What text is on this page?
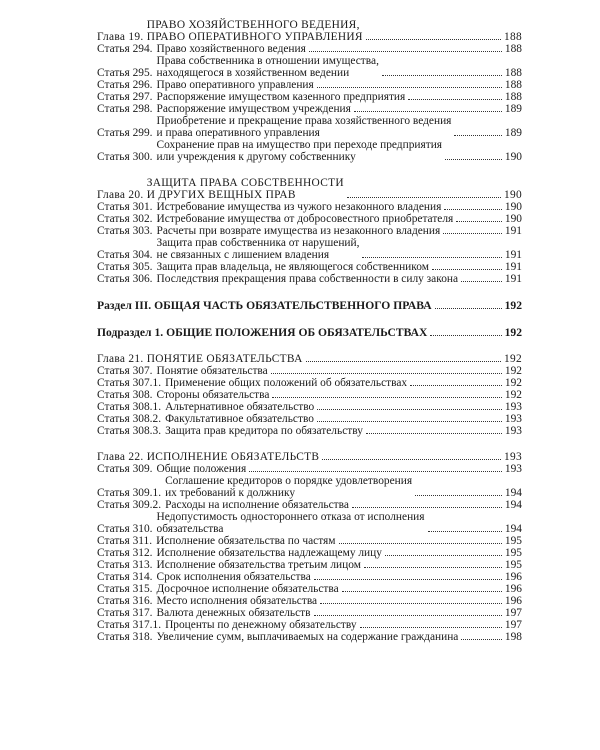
Глава 19.

ПРАВО ХОЗЯЙСТВЕННОГО ВЕДЕНИЯ,
ПРАВО ОПЕРАТИВНОГО УПРАВЛЕНИЯ	188
Статья 294. Право хозяйственного ведения	188
Статья 295.
Права собственника в отношении имущества,
находящегося в хозяйственном ведении	188
Статья 296. Право оперативного управления	188
Статья 297. Распоряжение имуществом казенного предприятия	188
Статья 298. Распоряжение имуществом учреждения	189
Статья 299.
Приобретение и прекращение права хозяйственного ведения
и права оперативного управления	189
Статья 300.
Сохранение прав на имущество при переходе предприятия
или учреждения к другому собственнику	190
Глава 20.

ЗАЩИТА ПРАВА СОБСТВЕННОСТИ
И ДРУГИХ ВЕЩНЫХ ПРАВ	190
Статья 301. Истребование имущества из чужого незаконного владения	190
Статья 302. Истребование имущества от добросовестного приобретателя	190
Статья 303. Расчеты при возврате имущества из незаконного владения	191
Статья 304.
Защита прав собственника от нарушений,
не связанных с лишением владения	191
Статья 305. Защита прав владельца, не являющегося собственником	191
Статья 306. Последствия прекращения права собственности в силу закона	191
Раздел III.
ОБЩАЯ ЧАСТЬ ОБЯЗАТЕЛЬСТВЕННОГО ПРАВА	192
Подраздел 1.
ОБЩИЕ ПОЛОЖЕНИЯ ОБ ОБЯЗАТЕЛЬСТВАХ	192
Глава 21.
ПОНЯТИЕ ОБЯЗАТЕЛЬСТВА	192
Статья 307. Понятие обязательства	192
Статья 307.1. Применение общих положений об обязательствах	192
Статья 308. Стороны обязательства	192
Статья 308.1. Альтернативное обязательство	193
Статья 308.2. Факультативное обязательство	193
Статья 308.3. Защита прав кредитора по обязательству	193
Глава 22.
ИСПОЛНЕНИЕ ОБЯЗАТЕЛЬСТВ	193
Статья 309. Общие положения	193
Статья 309.1.
Соглашение кредиторов о порядке удовлетворения
их требований к должнику	194
Статья 309.2. Расходы на исполнение обязательства	194
Статья 310.
Недопустимость одностороннего отказа от исполнения
обязательства	194
Статья 311. Исполнение обязательства по частям	195
Статья 312. Исполнение обязательства надлежащему лицу	195
Статья 313. Исполнение обязательства третьим лицом	195
Статья 314. Срок исполнения обязательства	196
Статья 315. Досрочное исполнение обязательства	196
Статья 316. Место исполнения обязательства	196
Статья 317. Валюта денежных обязательств	197
Статья 317.1. Проценты по денежному обязательству	197
Статья 318. Увеличение сумм, выплачиваемых на содержание гражданина	198
